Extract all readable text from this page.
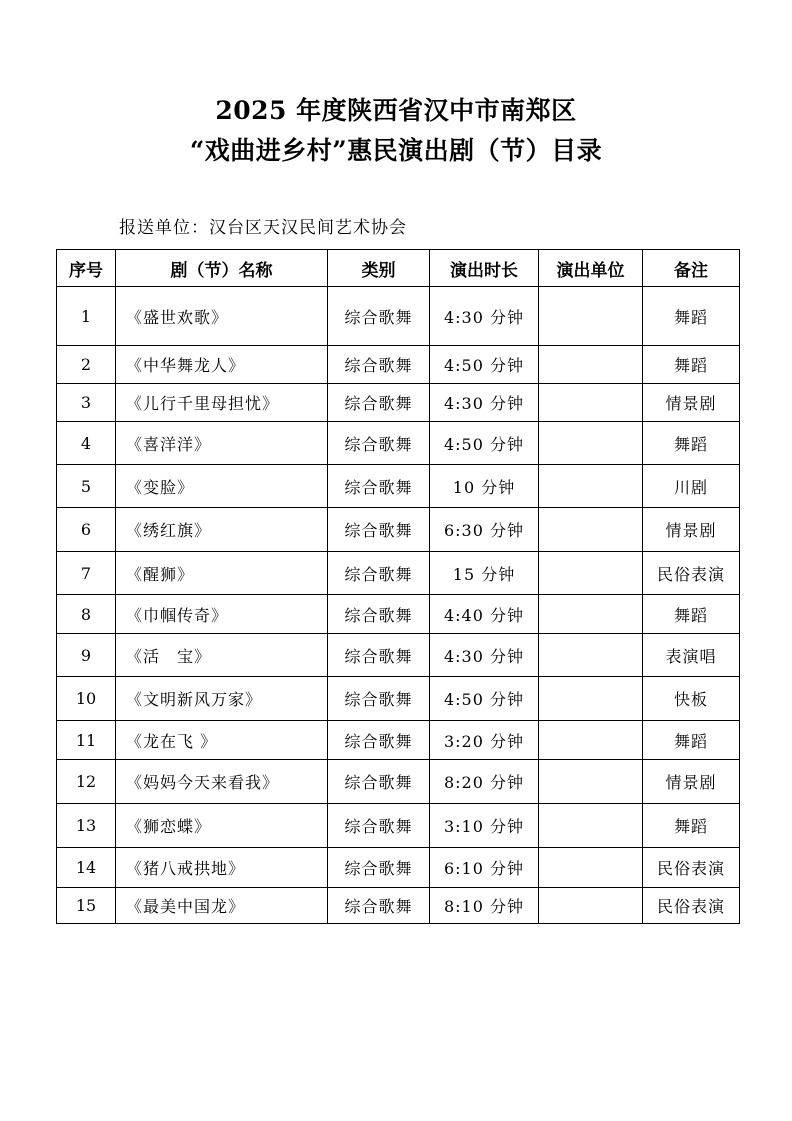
2025 年度陕西省汉中市南郑区
“戏曲进乡村”惠民演出剧（节）目录
报送单位：汉台区天汉民间艺术协会
序号	剧（节）名称	类别	演出时长	演出单位	备注
1	《盛世欢歌》	综合歌舞	4:30 分钟		舞蹈
2	《中华舞龙人》	综合歌舞	4:50 分钟		舞蹈
3	《儿行千里母担忧》	综合歌舞	4:30 分钟		情景剧
4	《喜洋洋》	综合歌舞	4:50 分钟		舞蹈
5	《变脸》	综合歌舞	10 分钟		川剧
6	《绣红旗》	综合歌舞	6:30 分钟		情景剧
7	《醒狮》	综合歌舞	15 分钟		民俗表演
8	《巾帼传奇》	综合歌舞	4:40 分钟		舞蹈
9	《活　宝》	综合歌舞	4:30 分钟		表演唱
10	《文明新风万家》	综合歌舞	4:50 分钟		快板
11	《龙在飞 》	综合歌舞	3:20 分钟		舞蹈
12	《妈妈今天来看我》	综合歌舞	8:20 分钟		情景剧
13	《狮恋蝶》	综合歌舞	3:10 分钟		舞蹈
14	《猪八戒拱地》	综合歌舞	6:10 分钟		民俗表演
15	《最美中国龙》	综合歌舞	8:10 分钟		民俗表演
